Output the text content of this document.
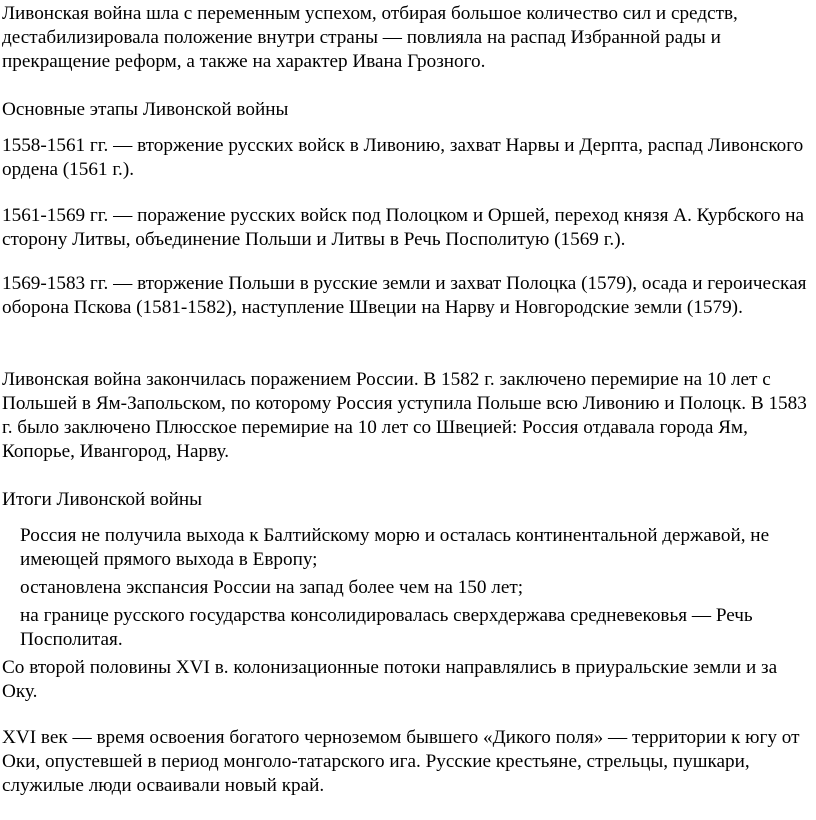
Ливонская война шла с переменным успехом, отбирая большое количество сил и средств, дестабилизировала положение внутри страны — повлияла на распад Избранной рады и прекращение реформ, а также на характер Ивана Грозного.

Основные этапы Ливонской войны

1558-1561 гг. — вторжение русских войск в Ливонию, захват Нарвы и Дерпта, распад Ливонского ордена (1561 г.).

1561-1569 гг. — поражение русских войск под Полоцком и Оршей, переход князя А. Курбского на сторону Литвы, объединение Польши и Литвы в Речь Посполитую (1569 г.).

1569-1583 гг. — вторжение Польши в русские земли и захват Полоцка (1579), осада и героическая оборона Пскова (1581-1582), наступление Швеции на Нарву и Новгородские земли (1579).

Ливонская война закончилась поражением России. В 1582 г. заключено перемирие на 10 лет с Польшей в Ям-Запольском, по которому Россия уступила Польше всю Ливонию и Полоцк. В 1583 г. было заключено Плюсское перемирие на 10 лет со Швецией: Россия отдавала города Ям, Копорье, Ивангород, Нарву.

Итоги Ливонской войны

Россия не получила выхода к Балтийскому морю и осталась континентальной державой, не имеющей прямого выхода в Европу;

остановлена экспансия России на запад более чем на 150 лет;

на границе русского государства консолидировалась сверхдержава средневековья — Речь Посполитая.

Со второй половины XVI в. колонизационные потоки направлялись в приуральские земли и за Оку.

XVI век — время освоения богатого черноземом бывшего «Дикого поля» — территории к югу от Оки, опустевшей в период монголо-татарского ига. Русские крестьяне, стрельцы, пушкари, служилые люди осваивали новый край.
